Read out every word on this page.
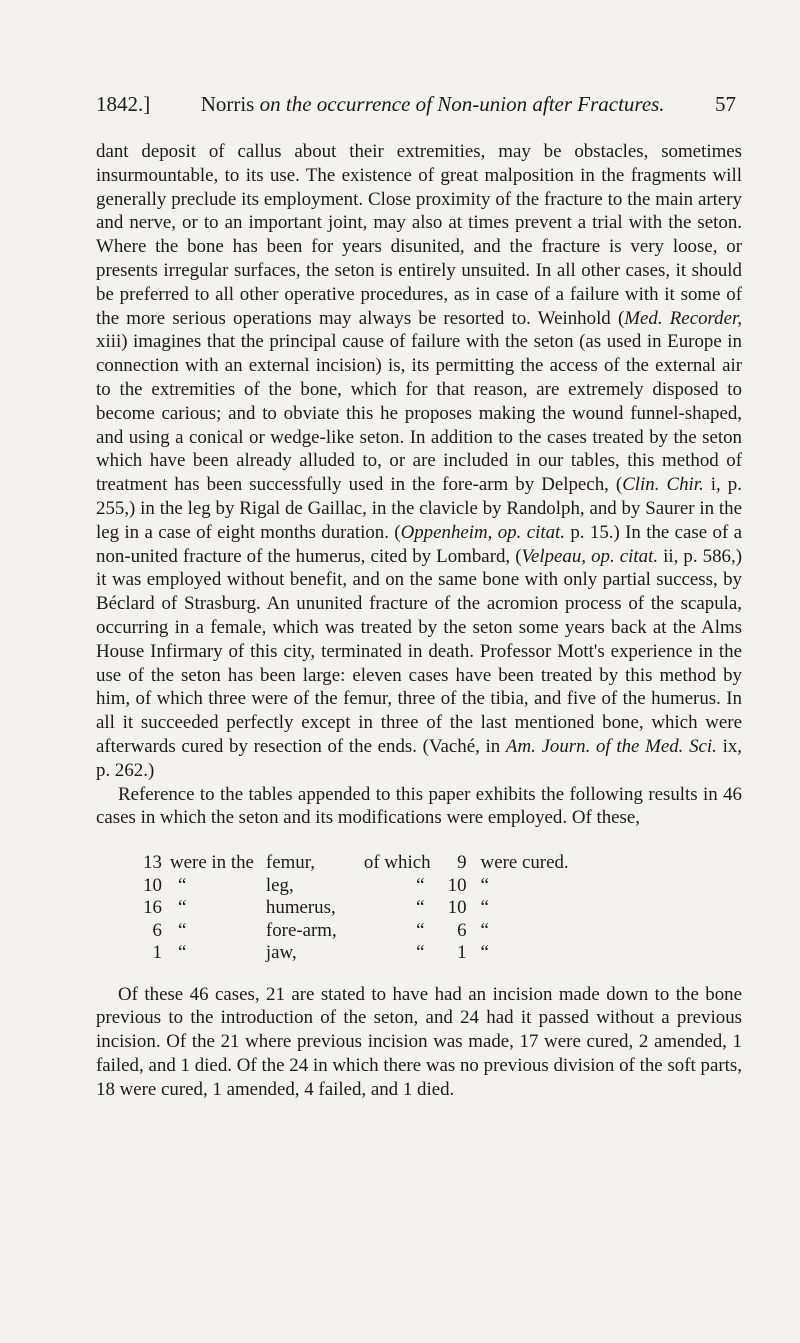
1842.] Norris on the occurrence of Non-union after Fractures. 57

dant deposit of callus about their extremities, may be obstacles, sometimes insurmountable, to its use. The existence of great malposition in the fragments will generally preclude its employment. Close proximity of the fracture to the main artery and nerve, or to an important joint, may also at times prevent a trial with the seton. Where the bone has been for years disunited, and the fracture is very loose, or presents irregular surfaces, the seton is entirely unsuited. In all other cases, it should be preferred to all other operative procedures, as in case of a failure with it some of the more serious operations may always be resorted to. Weinhold (Med. Recorder, xiii) imagines that the principal cause of failure with the seton (as used in Europe in connection with an external incision) is, its permitting the access of the external air to the extremities of the bone, which for that reason, are extremely disposed to become carious; and to obviate this he proposes making the wound funnel-shaped, and using a conical or wedge-like seton. In addition to the cases treated by the seton which have been already alluded to, or are included in our tables, this method of treatment has been successfully used in the fore-arm by Delpech, (Clin. Chir. i, p. 255,) in the leg by Rigal de Gaillac, in the clavicle by Randolph, and by Saurer in the leg in a case of eight months duration. (Oppenheim, op. citat. p. 15.) In the case of a non-united fracture of the humerus, cited by Lombard, (Velpeau, op. citat. ii, p. 586,) it was employed without benefit, and on the same bone with only partial success, by Béclard of Strasburg. An ununited fracture of the acromion process of the scapula, occurring in a female, which was treated by the seton some years back at the Alms House Infirmary of this city, terminated in death. Professor Mott's experience in the use of the seton has been large: eleven cases have been treated by this method by him, of which three were of the femur, three of the tibia, and five of the humerus. In all it succeeded perfectly except in three of the last mentioned bone, which were afterwards cured by resection of the ends. (Vaché, in Am. Journ. of the Med. Sci. ix, p. 262.)

Reference to the tables appended to this paper exhibits the following results in 46 cases in which the seton and its modifications were employed. Of these,

13	were in the	femur,	of which	9	were cured.
10	“	leg,	“	10	“
16	“	humerus,	“	10	“
6	“	fore-arm,	“	6	“
1	“	jaw,	“	1	“

Of these 46 cases, 21 are stated to have had an incision made down to the bone previous to the introduction of the seton, and 24 had it passed without a previous incision. Of the 21 where previous incision was made, 17 were cured, 2 amended, 1 failed, and 1 died. Of the 24 in which there was no previous division of the soft parts, 18 were cured, 1 amended, 4 failed, and 1 died.
